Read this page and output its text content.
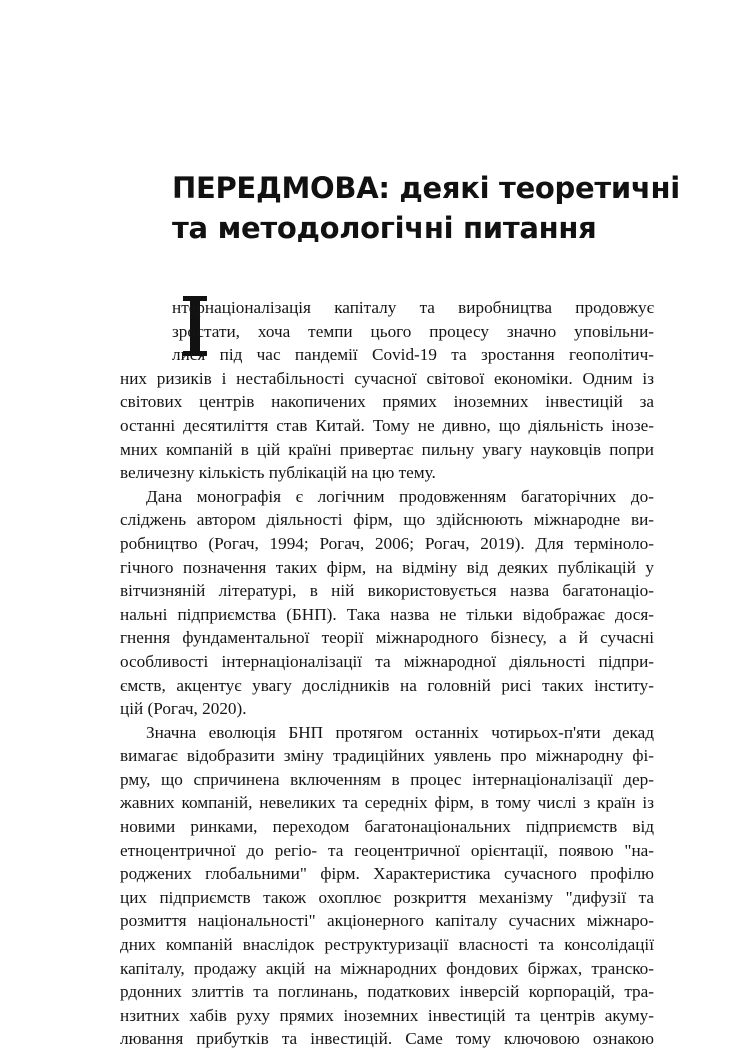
ПЕРЕДМОВА: деякі теоретичні
та методологічні питання
нтернаціоналізація капіталу та виробництва продовжує
зростати, хоча темпи цього процесу значно уповільни-
лися під час пандемії Covid-19 та зростання геополітич-
них ризиків і нестабільності сучасної світової економіки. Одним із
світових центрів накопичених прямих іноземних інвестицій за
останні десятиліття став Китай. Тому не дивно, що діяльність інозе-
мних компаній в цій країні привертає пильну увагу науковців попри
величезну кількість публікацій на цю тему.
Дана монографія є логічним продовженням багаторічних до-
сліджень автором діяльності фірм, що здійснюють міжнародне ви-
робництво (Рогач, 1994; Рогач, 2006; Рогач, 2019). Для терміноло-
гічного позначення таких фірм, на відміну від деяких публікацій у
вітчизняній літературі, в ній використовується назва багатонаціо-
нальні підприємства (БНП). Така назва не тільки відображає дося-
гнення фундаментальної теорії міжнародного бізнесу, а й сучасні
особливості інтернаціоналізації та міжнародної діяльності підпри-
ємств, акцентує увагу дослідників на головній рисі таких інститу-
цій (Рогач, 2020).
Значна еволюція БНП протягом останніх чотирьох-п'яти декад
вимагає відобразити зміну традиційних уявлень про міжнародну фі-
рму, що спричинена включенням в процес інтернаціоналізації дер-
жавних компаній, невеликих та середніх фірм, в тому числі з країн із
новими ринками, переходом багатонаціональних підприємств від
етноцентричної до регіо- та геоцентричної орієнтації, появою "на-
роджених глобальними" фірм. Характеристика сучасного профілю
цих підприємств також охоплює розкриття механізму "дифузії та
розмиття національності" акціонерного капіталу сучасних міжнаро-
дних компаній внаслідок реструктуризації власності та консолідації
капіталу, продажу акцій на міжнародних фондових біржах, транско-
рдонних злиттів та поглинань, податкових інверсій корпорацій, тра-
нзитних хабів руху прямих іноземних інвестицій та центрів акуму-
лювання прибутків та інвестицій. Саме тому ключовою ознакою
